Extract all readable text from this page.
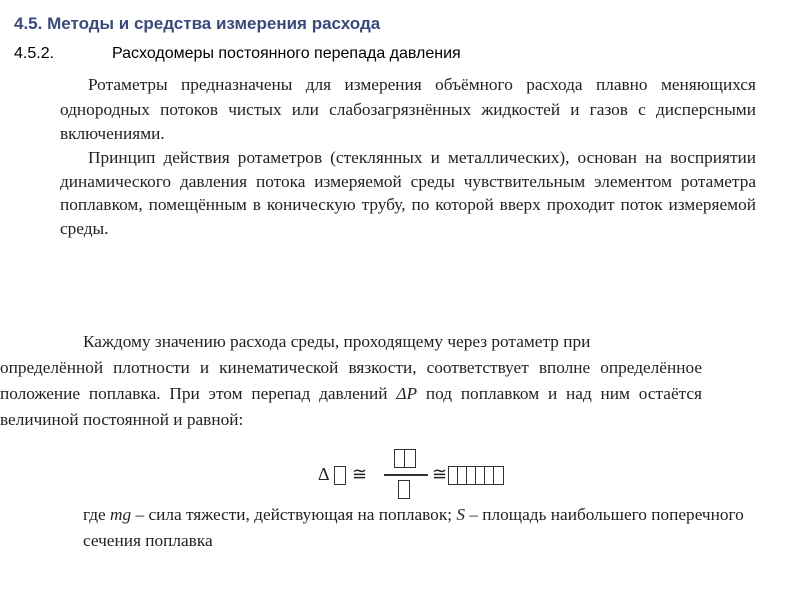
4.5. Методы и средства измерения расхода
4.5.2.	Расходомеры постоянного перепада давления

Ротаметры предназначены для измерения объёмного расхода плавно меняющихся однородных потоков чистых или слабозагрязнённых жидкостей и газов с дисперсными включениями.

Принцип действия ротаметров (стеклянных и металлических), основан на восприятии динамического давления потока измеряемой среды чувствительным элементом ротаметра поплавком, помещённым в коническую трубу, по которой вверх проходит поток измеряемой среды.

Каждому значению расхода среды, проходящему через ротаметр при
определённой плотности и кинематической вязкости, соответствует вполне определённое положение поплавка. При этом перепад давлений ΔP под поплавком и над ним остаётся величиной постоянной и равной:

Δ ≅	≅

где mg – сила тяжести, действующая на поплавок; S – площадь наибольшего поперечного сечения поплавка
